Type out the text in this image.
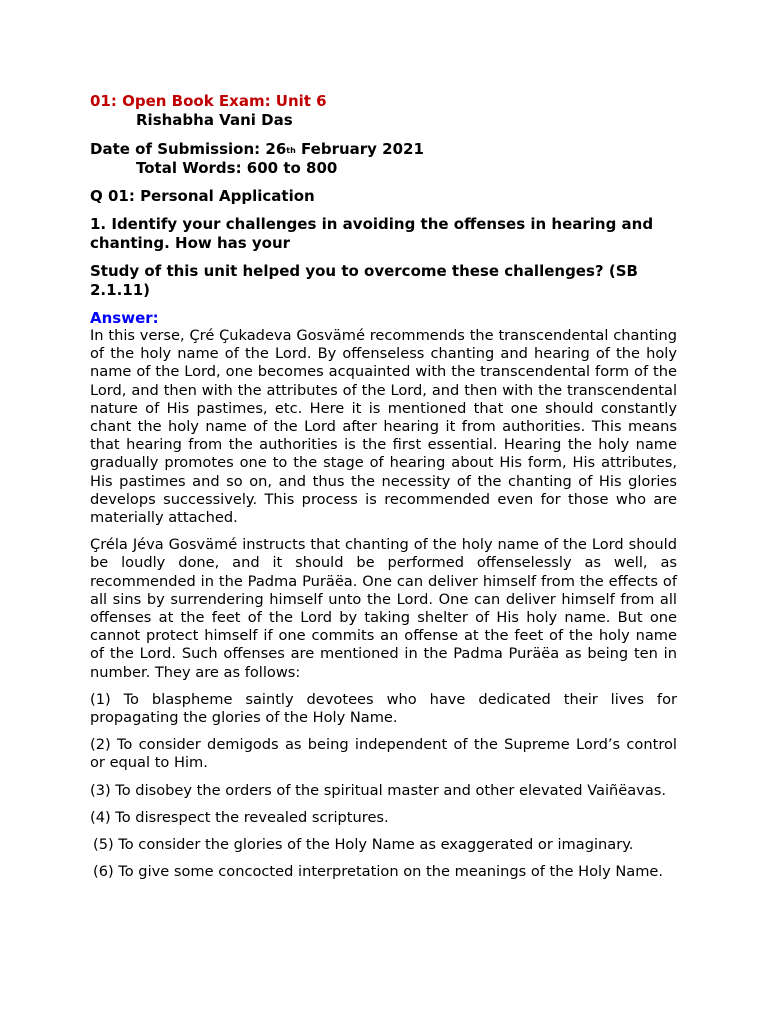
01: Open Book Exam: Unit 6

Rishabha Vani Das

Date of Submission: 26th February 2021

Total Words: 600 to 800

Q 01: Personal Application

1. Identify your challenges in avoiding the offenses in hearing and chanting. How has your

Study of this unit helped you to overcome these challenges? (SB 2.1.11)

Answer:

In this verse, Çré Çukadeva Gosvämé recommends the transcendental chanting of the holy name of the Lord. By offenseless chanting and hearing of the holy name of the Lord, one becomes acquainted with the transcendental form of the Lord, and then with the attributes of the Lord, and then with the transcendental nature of His pastimes, etc. Here it is mentioned that one should constantly chant the holy name of the Lord after hearing it from authorities. This means that hearing from the authorities is the first essential. Hearing the holy name gradually promotes one to the stage of hearing about His form, His attributes, His pastimes and so on, and thus the necessity of the chanting of His glories develops successively. This process is recommended even for those who are materially attached.

Çréla Jéva Gosvämé instructs that chanting of the holy name of the Lord should be loudly done, and it should be performed offenselessly as well, as recommended in the Padma Puräëa. One can deliver himself from the effects of all sins by surrendering himself unto the Lord. One can deliver himself from all offenses at the feet of the Lord by taking shelter of His holy name. But one cannot protect himself if one commits an offense at the feet of the holy name of the Lord. Such offenses are mentioned in the Padma Puräëa as being ten in number. They are as follows:

(1) To blaspheme saintly devotees who have dedicated their lives for propagating the glories of the Holy Name.

(2) To consider demigods as being independent of the Supreme Lord’s control or equal to Him.

(3) To disobey the orders of the spiritual master and other elevated Vaiñëavas.

(4) To disrespect the revealed scriptures.

(5) To consider the glories of the Holy Name as exaggerated or imaginary.

(6) To give some concocted interpretation on the meanings of the Holy Name.
